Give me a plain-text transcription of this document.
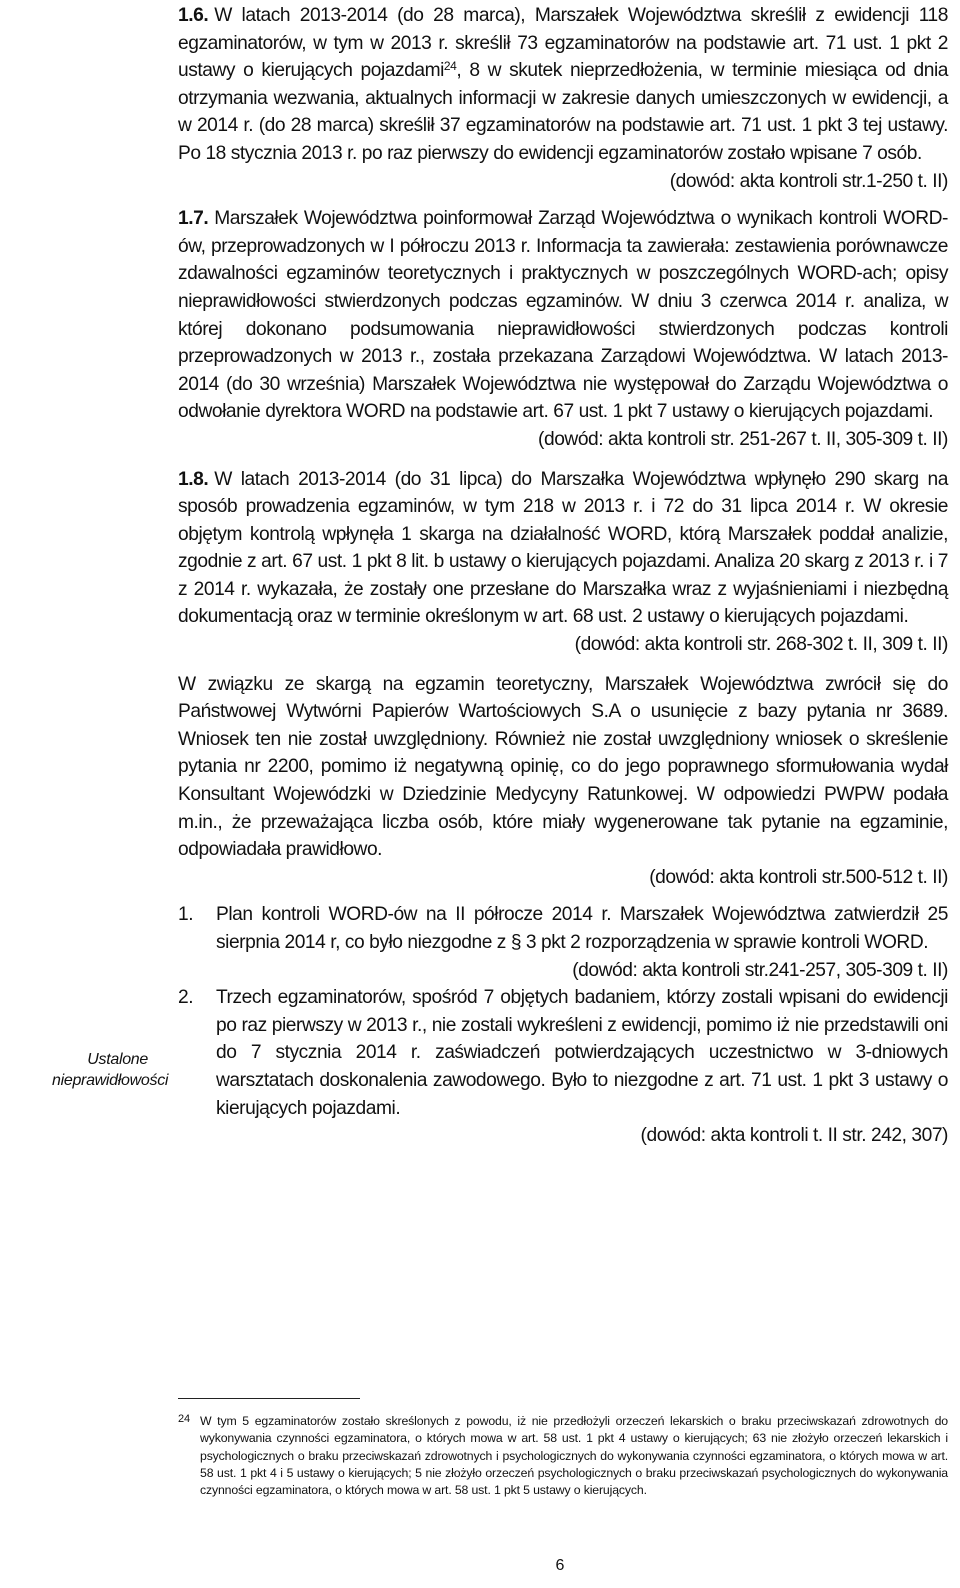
1.6. W latach 2013-2014 (do 28 marca), Marszałek Województwa skreślił z ewidencji 118 egzaminatorów, w tym w 2013 r. skreślił 73 egzaminatorów na podstawie art. 71 ust. 1 pkt 2 ustawy o kierujących pojazdami$^{24}$, 8 w skutek nieprzedłożenia, w terminie miesiąca od dnia otrzymania wezwania, aktualnych informacji w zakresie danych umieszczonych w ewidencji, a w 2014 r. (do 28 marca) skreślił 37 egzaminatorów na podstawie art. 71 ust. 1 pkt 3 tej ustawy. Po 18 stycznia 2013 r. po raz pierwszy do ewidencji egzaminatorów zostało wpisane 7 osób.

(dowód: akta kontroli str.1-250 t. II)

1.7. Marszałek Województwa poinformował Zarząd Województwa o wynikach kontroli WORD-ów, przeprowadzonych w I półroczu 2013 r. Informacja ta zawierała: zestawienia porównawcze zdawalności egzaminów teoretycznych i praktycznych w poszczególnych WORD-ach; opisy nieprawidłowości stwierdzonych podczas egzaminów. W dniu 3 czerwca 2014 r. analiza, w której dokonano podsumowania nieprawidłowości stwierdzonych podczas kontroli przeprowadzonych w 2013 r., została przekazana Zarządowi Województwa. W latach 2013-2014 (do 30 września) Marszałek Województwa nie występował do Zarządu Województwa o odwołanie dyrektora WORD na podstawie art. 67 ust. 1 pkt 7 ustawy o kierujących pojazdami.

(dowód: akta kontroli str. 251-267 t. II, 305-309 t. II)

1.8. W latach 2013-2014 (do 31 lipca) do Marszałka Województwa wpłynęło 290 skarg na sposób prowadzenia egzaminów, w tym 218 w 2013 r. i 72 do 31 lipca 2014 r. W okresie objętym kontrolą wpłynęła 1 skarga na działalność WORD, którą Marszałek poddał analizie, zgodnie z art. 67 ust. 1 pkt 8 lit. b ustawy o kierujących pojazdami. Analiza 20 skarg z 2013 r. i 7 z 2014 r. wykazała, że zostały one przesłane do Marszałka wraz z wyjaśnieniami i niezbędną dokumentacją oraz w terminie określonym w art. 68 ust. 2 ustawy o kierujących pojazdami.

(dowód: akta kontroli str. 268-302 t. II, 309 t. II)

W związku ze skargą na egzamin teoretyczny, Marszałek Województwa zwrócił się do Państwowej Wytwórni Papierów Wartościowych S.A o usunięcie z bazy pytania nr 3689. Wniosek ten nie został uwzględniony. Również nie został uwzględniony wniosek o skreślenie pytania nr 2200, pomimo iż negatywną opinię, co do jego poprawnego sformułowania wydał Konsultant Wojewódzki w Dziedzinie Medycyny Ratunkowej. W odpowiedzi PWPW podała m.in., że przeważająca liczba osób, które miały wygenerowane tak pytanie na egzaminie, odpowiadała prawidłowo.

(dowód: akta kontroli str.500-512 t. II)

1. Plan kontroli WORD-ów na II półrocze 2014 r. Marszałek Województwa zatwierdził 25 sierpnia 2014 r, co było niezgodne z § 3 pkt 2 rozporządzenia w sprawie kontroli WORD.

(dowód: akta kontroli str.241-257, 305-309 t. II)

2. Trzech egzaminatorów, spośród 7 objętych badaniem, którzy zostali wpisani do ewidencji po raz pierwszy w 2013 r., nie zostali wykreśleni z ewidencji, pomimo iż nie przedstawili oni do 7 stycznia 2014 r. zaświadczeń potwierdzających uczestnictwo w 3-dniowych warsztatach doskonalenia zawodowego. Było to niezgodne z art. 71 ust. 1 pkt 3 ustawy o kierujących pojazdami.

(dowód: akta kontroli t. II str. 242, 307)

Ustalone
nieprawidłowości
24 W tym 5 egzaminatorów zostało skreślonych z powodu, iż nie przedłożyli orzeczeń lekarskich o braku przeciwskazań zdrowotnych do wykonywania czynności egzaminatora, o których mowa w art. 58 ust. 1 pkt 4 ustawy o kierujących; 63 nie złożyło orzeczeń lekarskich i psychologicznych o braku przeciwskazań zdrowotnych i psychologicznych do wykonywania czynności egzaminatora, o których mowa w art. 58 ust. 1 pkt 4 i 5 ustawy o kierujących; 5 nie złożyło orzeczeń psychologicznych o braku przeciwskazań psychologicznych do wykonywania czynności egzaminatora, o których mowa w art. 58 ust. 1 pkt 5 ustawy o kierujących.
6
